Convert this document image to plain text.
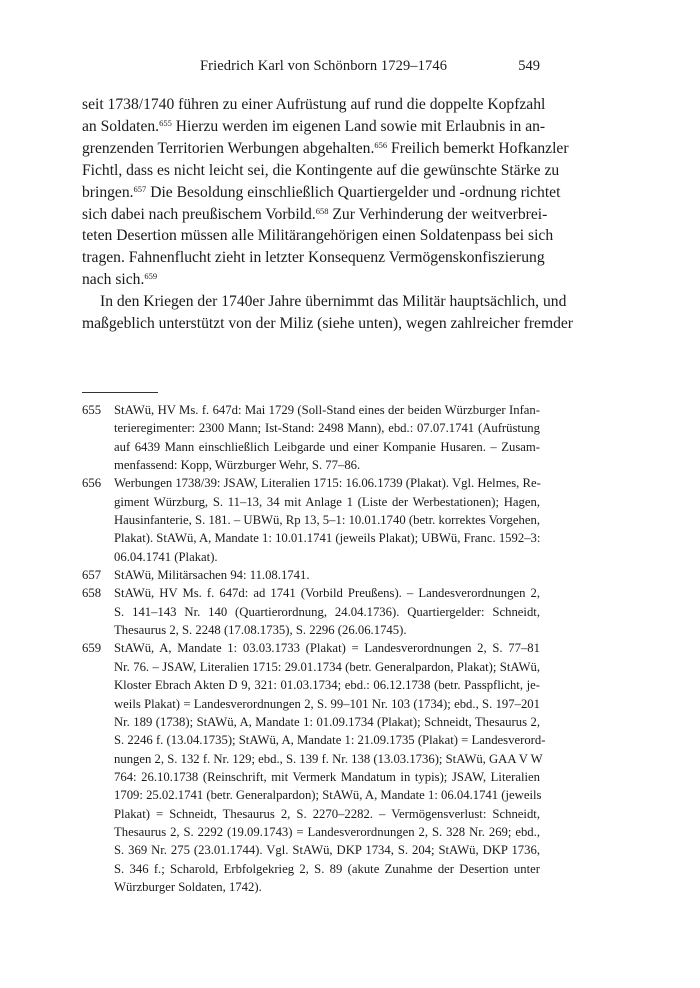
Friedrich Karl von Schönborn 1729–1746	549
seit 1738/1740 führen zu einer Aufrüstung auf rund die doppelte Kopfzahl
an Soldaten.$^{655}$ Hierzu werden im eigenen Land sowie mit Erlaubnis in an-
grenzenden Territorien Werbungen abgehalten.$^{656}$ Freilich bemerkt Hofkanzler
Fichtl, dass es nicht leicht sei, die Kontingente auf die gewünschte Stärke zu
bringen.$^{657}$ Die Besoldung einschließlich Quartiergelder und -ordnung richtet
sich dabei nach preußischem Vorbild.$^{658}$ Zur Verhinderung der weitverbrei-
teten Desertion müssen alle Militärangehörigen einen Soldatenpass bei sich
tragen. Fahnenflucht zieht in letzter Konsequenz Vermögenskonfiszierung
nach sich.$^{659}$
In den Kriegen der 1740er Jahre übernimmt das Militär hauptsächlich, und
maßgeblich unterstützt von der Miliz (siehe unten), wegen zahlreicher fremder
655 StAWü, HV Ms. f. 647d: Mai 1729 (Soll-Stand eines der beiden Würzburger Infan-
terieregimenter: 2300 Mann; Ist-Stand: 2498 Mann), ebd.: 07.07.1741 (Aufrüstung
auf 6439 Mann einschließlich Leibgarde und einer Kompanie Husaren. – Zusam-
menfassend: Kopp, Würzburger Wehr, S. 77–86.
656 Werbungen 1738/39: JSAW, Literalien 1715: 16.06.1739 (Plakat). Vgl. Helmes, Re-
giment Würzburg, S. 11–13, 34 mit Anlage 1 (Liste der Werbestationen); Hagen,
Hausinfanterie, S. 181. – UBWü, Rp 13, 5–1: 10.01.1740 (betr. korrektes Vorgehen,
Plakat). StAWü, A, Mandate 1: 10.01.1741 (jeweils Plakat); UBWü, Franc. 1592–3:
06.04.1741 (Plakat).
657 StAWü, Militärsachen 94: 11.08.1741.
658 StAWü, HV Ms. f. 647d: ad 1741 (Vorbild Preußens). – Landesverordnungen 2,
S. 141–143 Nr. 140 (Quartierordnung, 24.04.1736). Quartiergelder: Schneidt,
Thesaurus 2, S. 2248 (17.08.1735), S. 2296 (26.06.1745).
659 StAWü, A, Mandate 1: 03.03.1733 (Plakat) = Landesverordnungen 2, S. 77–81
Nr. 76. – JSAW, Literalien 1715: 29.01.1734 (betr. Generalpardon, Plakat); StAWü,
Kloster Ebrach Akten D 9, 321: 01.03.1734; ebd.: 06.12.1738 (betr. Passpflicht, je-
weils Plakat) = Landesverordnungen 2, S. 99–101 Nr. 103 (1734); ebd., S. 197–201
Nr. 189 (1738); StAWü, A, Mandate 1: 01.09.1734 (Plakat); Schneidt, Thesaurus 2,
S. 2246 f. (13.04.1735); StAWü, A, Mandate 1: 21.09.1735 (Plakat) = Landesverord-
nungen 2, S. 132 f. Nr. 129; ebd., S. 139 f. Nr. 138 (13.03.1736); StAWü, GAA V W
764: 26.10.1738 (Reinschrift, mit Vermerk Mandatum in typis); JSAW, Literalien
1709: 25.02.1741 (betr. Generalpardon); StAWü, A, Mandate 1: 06.04.1741 (jeweils
Plakat) = Schneidt, Thesaurus 2, S. 2270–2282. – Vermögensverlust: Schneidt,
Thesaurus 2, S. 2292 (19.09.1743) = Landesverordnungen 2, S. 328 Nr. 269; ebd.,
S. 369 Nr. 275 (23.01.1744). Vgl. StAWü, DKP 1734, S. 204; StAWü, DKP 1736,
S. 346 f.; Scharold, Erbfolgekrieg 2, S. 89 (akute Zunahme der Desertion unter
Würzburger Soldaten, 1742).
